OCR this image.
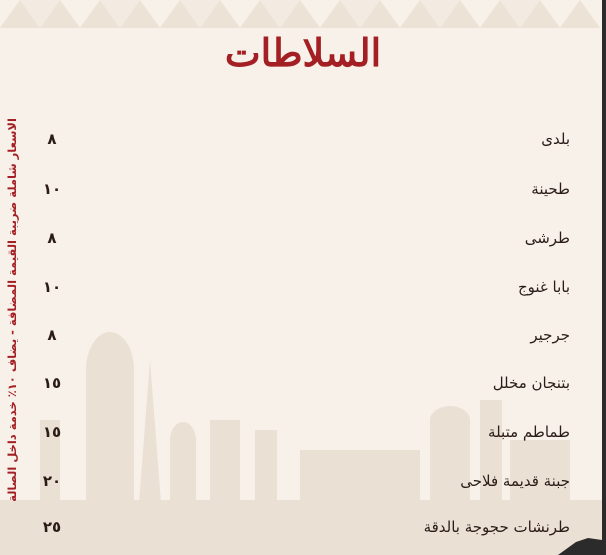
السلاطات
الاسعار شاملة ضريبة القيمة المضافة - يضاف ١٠٪ خدمة داخل الصالة	بلدى
٨
طحينة
١٠
طرشى
٨
بابا غنوج
١٠
جرجير
٨
بتنجان مخلل
١٥
طماطم متبلة
١٥
جبنة قديمة فلاحى
٢٠
طرنشات حجوجة بالدقة
٢٥
